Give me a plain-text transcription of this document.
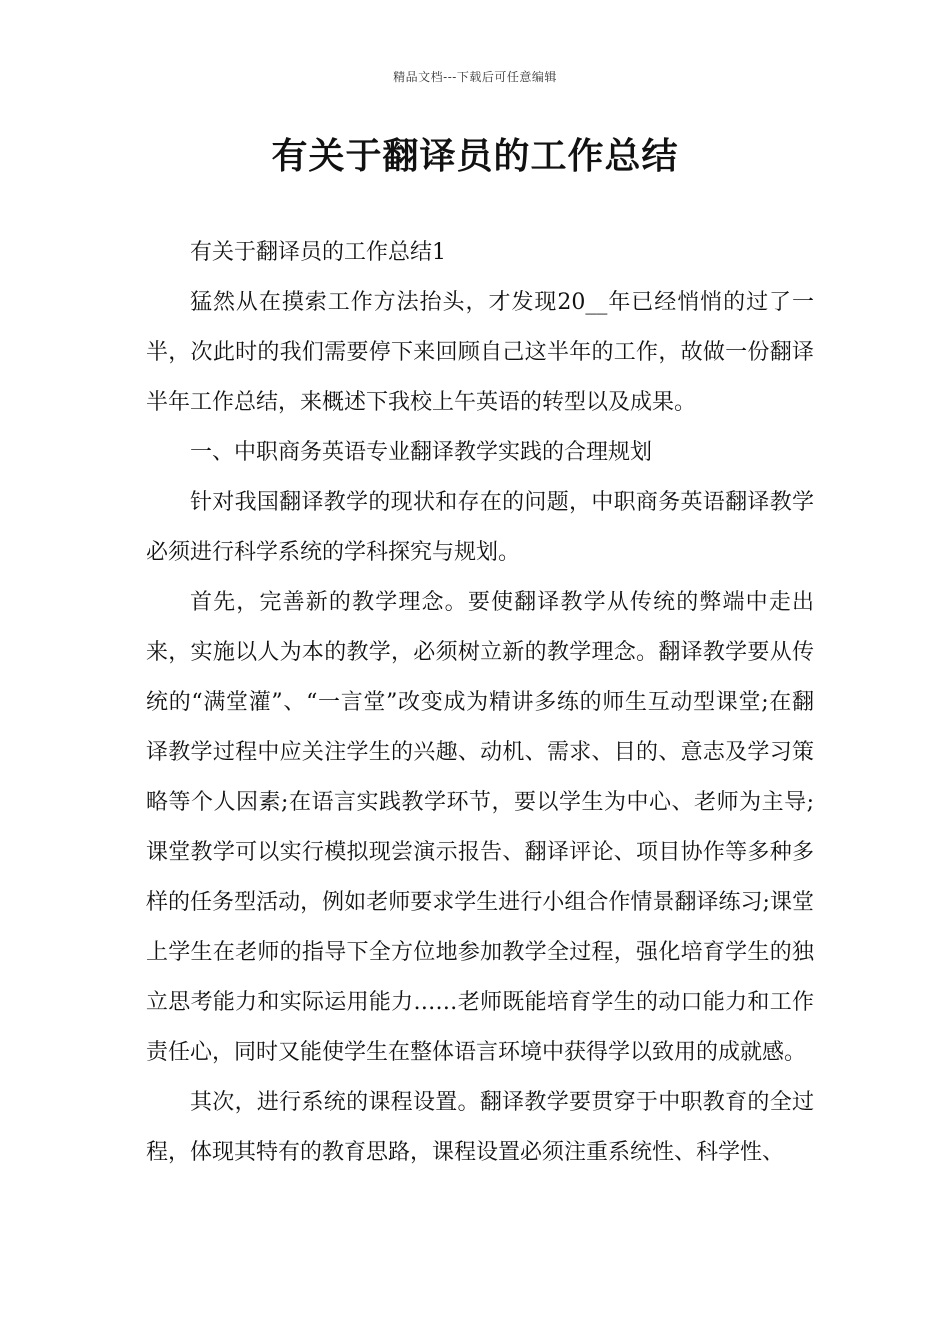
精品文档---下载后可任意编辑
有关于翻译员的工作总结

有关于翻译员的工作总结1

猛然从在摸索工作方法抬头，才发现20__年已经悄悄的过了一半，次此时的我们需要停下来回顾自己这半年的工作，故做一份翻译半年工作总结，来概述下我校上午英语的转型以及成果。

一、中职商务英语专业翻译教学实践的合理规划

针对我国翻译教学的现状和存在的问题，中职商务英语翻译教学必须进行科学系统的学科探究与规划。

首先，完善新的教学理念。要使翻译教学从传统的弊端中走出来，实施以人为本的教学，必须树立新的教学理念。翻译教学要从传统的“满堂灌”、“一言堂”改变成为精讲多练的师生互动型课堂;在翻译教学过程中应关注学生的兴趣、动机、需求、目的、意志及学习策略等个人因素;在语言实践教学环节，要以学生为中心、老师为主导;课堂教学可以实行模拟现尝演示报告、翻译评论、项目协作等多种多样的任务型活动，例如老师要求学生进行小组合作情景翻译练习;课堂上学生在老师的指导下全方位地参加教学全过程，强化培育学生的独立思考能力和实际运用能力……老师既能培育学生的动口能力和工作责任心，同时又能使学生在整体语言环境中获得学以致用的成就感。

其次，进行系统的课程设置。翻译教学要贯穿于中职教育的全过程，体现其特有的教育思路，课程设置必须注重系统性、科学性、
